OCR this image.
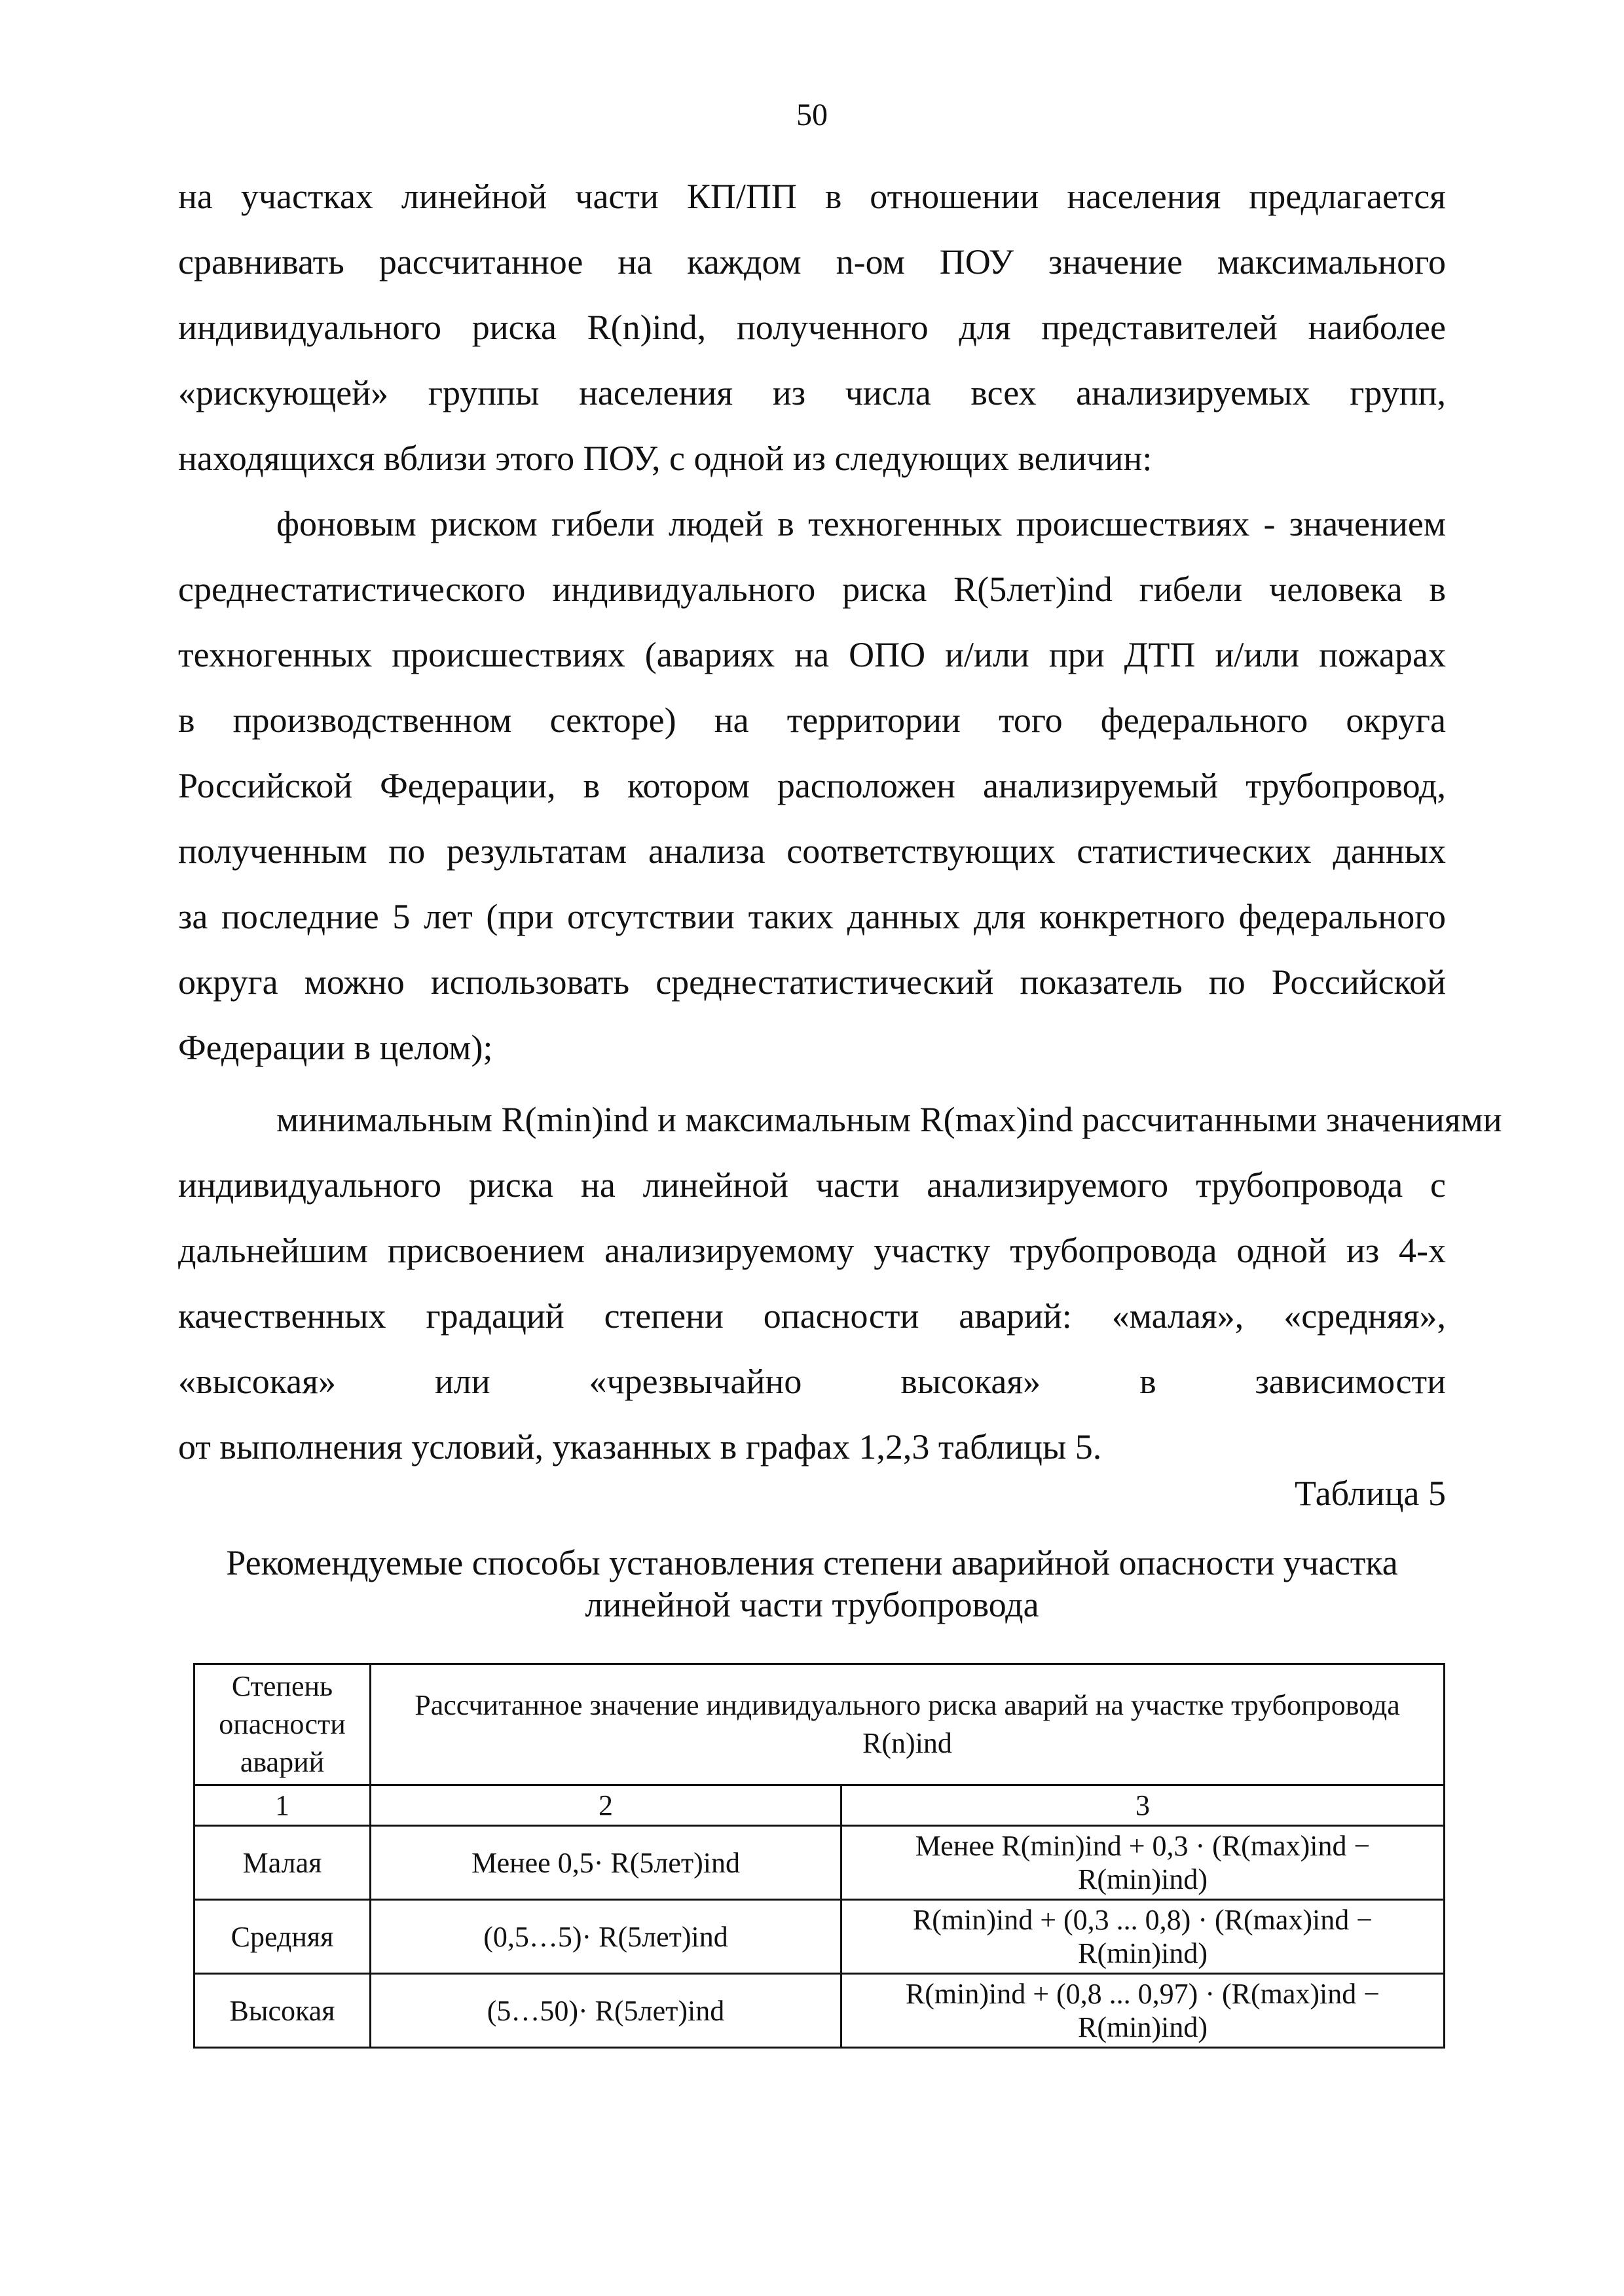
50
на участках линейной части КП/ПП в отношении населения предлагается
сравнивать рассчитанное на каждом n-ом ПОУ значение максимального
индивидуального риска R(n)ind, полученного для представителей наиболее
«рискующей» группы населения из числа всех анализируемых групп,
находящихся вблизи этого ПОУ, с одной из следующих величин:
фоновым риском гибели людей в техногенных происшествиях - значением
среднестатистического индивидуального риска R(5лет)ind гибели человека в
техногенных происшествиях (авариях на ОПО и/или при ДТП и/или пожарах
в производственном секторе) на территории того федерального округа
Российской Федерации, в котором расположен анализируемый трубопровод,
полученным по результатам анализа соответствующих статистических данных
за последние 5 лет (при отсутствии таких данных для конкретного федерального
округа можно использовать среднестатистический показатель по Российской
Федерации в целом);
минимальным R(min)ind и максимальным R(max)ind рассчитанными значениями
индивидуального риска на линейной части анализируемого трубопровода с
дальнейшим присвоением анализируемому участку трубопровода одной из 4-х
качественных градаций степени опасности аварий: «малая», «средняя»,
«высокая» или «чрезвычайно высокая» в зависимости
от выполнения условий, указанных в графах 1,2,3 таблицы 5.
Таблица 5
Рекомендуемые способы установления степени аварийной опасности участка
линейной части трубопровода
Степень опасности аварий	Рассчитанное значение индивидуального риска аварий на участке трубопровода R(n)ind	
1	2	3
Малая	Менее 0,5· R(5лет)ind	Менее R(min)ind + 0,3 · (R(max)ind − R(min)ind)
Средняя	(0,5…5)· R(5лет)ind	R(min)ind + (0,3 ... 0,8) · (R(max)ind − R(min)ind)
Высокая	(5…50)· R(5лет)ind	R(min)ind + (0,8 ... 0,97) · (R(max)ind − R(min)ind)
